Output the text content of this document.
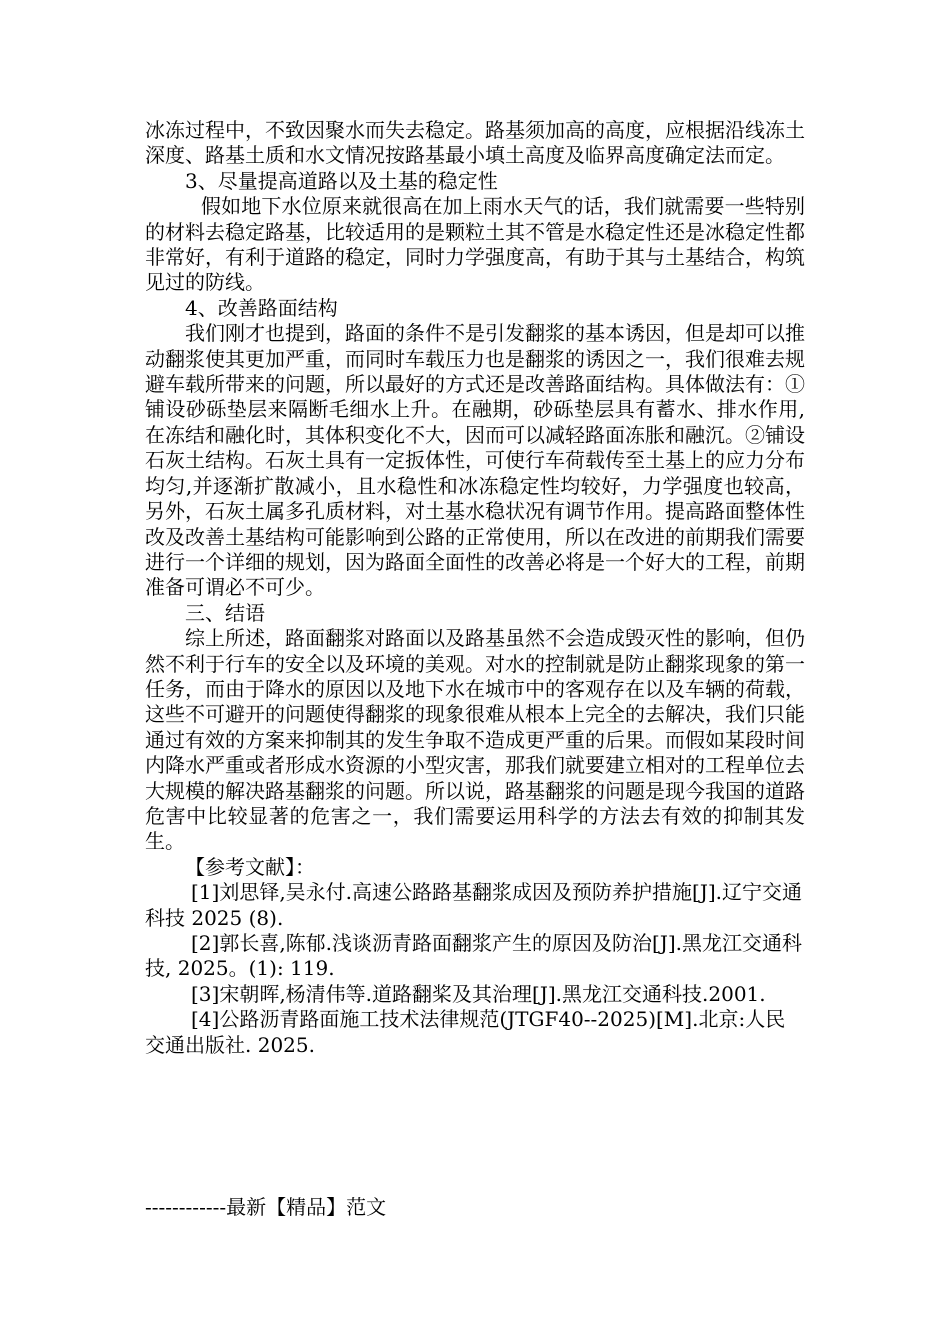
冰冻过程中，不致因聚水而失去稳定。路基须加高的高度，应根据沿线冻土深度、路基土质和水文情况按路基最小填土高度及临界高度确定法而定。

3、尽量提高道路以及土基的稳定性

假如地下水位原来就很高在加上雨水天气的话，我们就需要一些特别的材料去稳定路基，比较适用的是颗粒土其不管是水稳定性还是冰稳定性都非常好，有利于道路的稳定，同时力学强度高，有助于其与土基结合，构筑见过的防线。

4、改善路面结构

我们刚才也提到，路面的条件不是引发翻浆的基本诱因，但是却可以推动翻浆使其更加严重，而同时车载压力也是翻浆的诱因之一，我们很难去规避车载所带来的问题，所以最好的方式还是改善路面结构。具体做法有：①铺设砂砾垫层来隔断毛细水上升。在融期，砂砾垫层具有蓄水、排水作用,在冻结和融化时，其体积变化不大，因而可以减轻路面冻胀和融沉。②铺设石灰土结构。石灰土具有一定扳体性，可使行车荷载传至土基上的应力分布均匀,并逐渐扩散减小，且水稳性和冰冻稳定性均较好，力学强度也较高，另外，石灰土属多孔质材料，对土基水稳状况有调节作用。提高路面整体性改及改善土基结构可能影响到公路的正常使用，所以在改进的前期我们需要进行一个详细的规划，因为路面全面性的改善必将是一个好大的工程，前期准备可谓必不可少。

三、结语

综上所述，路面翻浆对路面以及路基虽然不会造成毁灭性的影响，但仍然不利于行车的安全以及环境的美观。对水的控制就是防止翻浆现象的第一任务，而由于降水的原因以及地下水在城市中的客观存在以及车辆的荷载，这些不可避开的问题使得翻浆的现象很难从根本上完全的去解决，我们只能通过有效的方案来抑制其的发生争取不造成更严重的后果。而假如某段时间内降水严重或者形成水资源的小型灾害，那我们就要建立相对的工程单位去大规模的解决路基翻浆的问题。所以说，路基翻浆的问题是现今我国的道路危害中比较显著的危害之一，我们需要运用科学的方法去有效的抑制其发生。

【参考文献】：

[1]刘思铎,吴永付.高速公路路基翻浆成因及预防养护措施[J].辽宁交通科技 2025 (8).

[2]郭长喜,陈郁.浅谈沥青路面翻浆产生的原因及防治[J].黑龙江交通科技, 2025。(1): 119.

[3]宋朝晖,杨清伟等.道路翻桨及其治理[J].黑龙江交通科技.2001.

[4]公路沥青路面施工技术法律规范(JTGF40--2025)[M].北京:人民交通出版社. 2025.

------------最新【精品】范文
